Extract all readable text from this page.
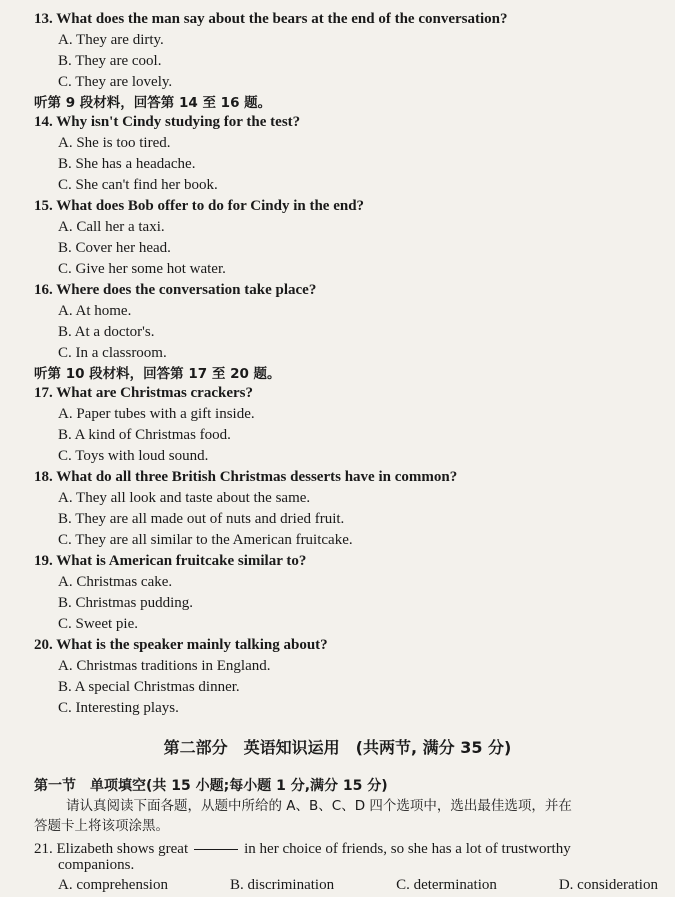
13. What does the man say about the bears at the end of the conversation?
A. They are dirty.
B. They are cool.
C. They are lovely.
听第 9 段材料，回答第 14 至 16 题。
14. Why isn't Cindy studying for the test?
A. She is too tired.
B. She has a headache.
C. She can't find her book.
15. What does Bob offer to do for Cindy in the end?
A. Call her a taxi.
B. Cover her head.
C. Give her some hot water.
16. Where does the conversation take place?
A. At home.
B. At a doctor's.
C. In a classroom.
听第 10 段材料，回答第 17 至 20 题。
17. What are Christmas crackers?
A. Paper tubes with a gift inside.
B. A kind of Christmas food.
C. Toys with loud sound.
18. What do all three British Christmas desserts have in common?
A. They all look and taste about the same.
B. They are all made out of nuts and dried fruit.
C. They are all similar to the American fruitcake.
19. What is American fruitcake similar to?
A. Christmas cake.
B. Christmas pudding.
C. Sweet pie.
20. What is the speaker mainly talking about?
A. Christmas traditions in England.
B. A special Christmas dinner.
C. Interesting plays.
第二部分　英语知识运用　(共两节, 满分 35 分)
第一节　单项填空(共 15 小题;每小题 1 分,满分 15 分)
请认真阅读下面各题，从题中所给的 A、B、C、D 四个选项中，选出最佳选项，并在
答题卡上将该项涂黑。
21. Elizabeth shows great	in her choice of friends, so she has a lot of trustworthy
companions.
A. comprehension	B. discrimination	C. determination	D. consideration
